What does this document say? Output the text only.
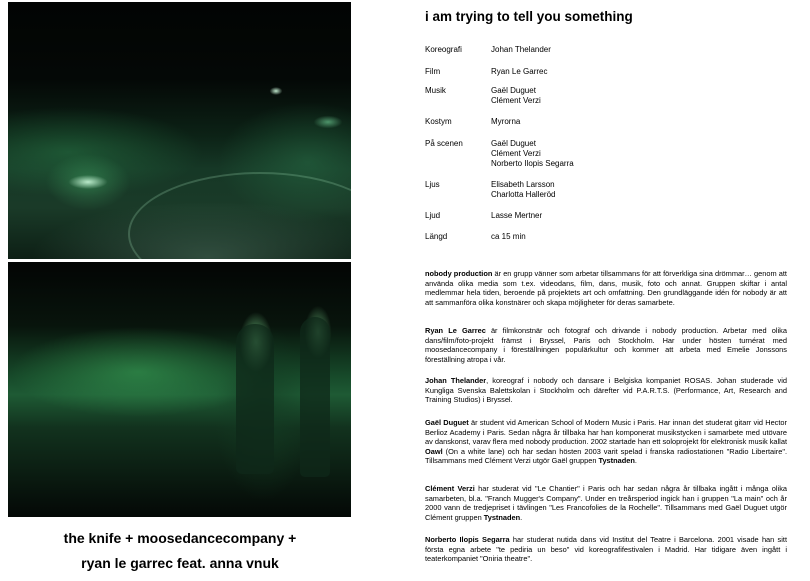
the knife + moosedancecompany +
ryan le garrec feat. anna vnuk
i am trying to tell you something
Koreografi	Johan Thelander
Film	Ryan Le Garrec
Musik	Gaël Duguet
Clément Verzi
Kostym	Myrorna
På scenen	Gaël Duguet
Clément Verzi
Norberto Ilopis Segarra
Ljus	Elisabeth Larsson
Charlotta Halleröd
Ljud	Lasse Mertner
Längd	ca 15 min

nobody production är en grupp vänner som arbetar tillsammans för att förverkliga sina drömmar… genom att använda olika media som t.ex. videodans, film, dans, musik, foto och annat. Gruppen skiftar i antal medlemmar hela tiden, beroende på projektets art och omfattning. Den grundläggande idén för nobody är att att sammanföra olika konstnärer och skapa möjligheter för deras samarbete.

Ryan Le Garrec är filmkonstnär och fotograf och drivande i nobody production. Arbetar med olika dans/film/foto-projekt främst i Bryssel, Paris och Stockholm. Har under hösten turnérat med moosedancecompany i föreställningen populärkultur och kommer att arbeta med Emelie Jonssons föreställning atropa i vår.

Johan Thelander, koreograf i nobody och dansare i Belgiska kompaniet ROSAS. Johan studerade vid Kungliga Svenska Balettskolan i Stockholm och därefter vid P.A.R.T.S. (Performance, Art, Research and Training Studios) i Bryssel.

Gaël Duguet är student vid American School of Modern Music i Paris. Har innan det studerat gitarr vid Hector Berlioz Academy i Paris. Sedan några år tillbaka har han komponerat musikstycken i samarbete med utövare av danskonst, varav flera med nobody production. 2002 startade han ett soloprojekt för elektronisk musik kallat Oawl (On a white lane) och har sedan hösten 2003 varit spelad i franska radiostationen "Radio Libertaire". Tillsammans med Clément Verzi utgör Gaël gruppen Tystnaden.

Clément Verzi har studerat vid "Le Chantier" i Paris och har sedan några år tillbaka ingått i många olika samarbeten, bl.a. "Franch Mugger's Company". Under en treårsperiod ingick han i gruppen "La main" och år 2000 vann de tredjepriset i tävlingen "Les Francofolies de la Rochelle". Tillsammans med Gaël Duguet utgör Clément gruppen Tystnaden.

Norberto Ilopis Segarra har studerat nutida dans vid Institut del Teatre i Barcelona. 2001 visade han sitt första egna arbete "te pediria un beso" vid koreografifestivalen i Madrid. Har tidigare även ingått i teaterkompaniet "Oniria theatre".
